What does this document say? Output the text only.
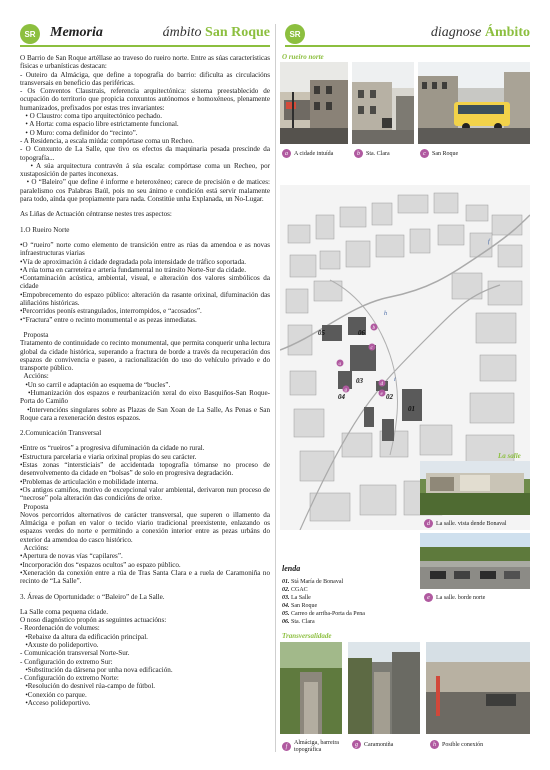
SR	Memoria	ámbito San Roque	SR	diagnose Ámbito

O Barrio de San Roque artéllase ao traveso do rueiro norte. Entre as súas características físicas e urbanísticas destacan:

- Outeiro da Almáciga, que define a topografía do barrio: dificulta as circulacións transversais en beneficio das periféricas.

- Os Conventos Claustrais, referencia arquitectónica: sistema preestablecido de ocupación do territorio que propicia conxuntos autónomos e homoxéneos, plenamente humanizados, prefixados por estas tres invariantes:

• O Claustro: coma tipo arquitectónico pechado.

• A Horta: coma espacio libre estrictamente funcional.

• O Muro: coma definidor do “recinto”.

- A Residencia, a escala miúda: compórtase coma un Recheo.

- O Conxunto de La Salle, que tivo os efectos da maquinaria pesada prescinde da topografía...

• A súa arquitectura contravén á súa escala: compórtase coma un Recheo, por xustaposición de partes inconexas.

• O “Baleiro” que define é informe e heteroxéneo; carece de precisión e de matices: paralelismo cos Palabras Baúl, pois no seu ánimo e condición está servir malamente para todo, aínda que propiamente para nada. Constitúe unha Explanada, un No-Lugar.

As Liñas de Actuación céntranse nestes tres aspectos:

1.O Rueiro Norte

•O “rueiro” norte como elemento de transición entre as rúas da amendoa e as novas infraestructuras viarias

•Vía de aproximación á cidade degradada pola intensidade de tráfico soportada.

•A rúa torna en carreteira e artería fundamental no tránsito Norte-Sur da cidade.

•Contaminación acústica, ambiental, visual, e alteración dos valores simbólicos da cidade

•Empobrecemento do espazo público: alteración da rasante orixinal, difuminación das aliñacións históricas.

•Percorridos peonís estrangulados, interrompidos, e “acosados”.

•“Fractura” entre o recinto monumental e as pezas inmediatas.

Proposta

Tratamento de continuidade co recinto monumental, que permita conquerir unha lectura global da cidade histórica, superando a fractura de borde a través da recuperación dos espazos de convivencia e paseo, a racionalización do uso do vehículo privado e do transporte público.

Accións:

•Un so carril e adaptación ao esquema de “bucles”.

•Humanización dos espazos e reurbanización xeral do eixo Basquiños-San Roque-Porta do Camiño

•Intervencións singulares sobre as Plazas de San Xoan de La Salle, As Penas e San Roque cara a rexeneración destos espazos.

2.Comunicación Transversal

•Entre os “rueiros” a progresiva difuminación da cidade no rural.

•Estructura parcelaria e viaria orixinal propias do seu carácter.

•Estas zonas “intersticiais” de accidentada topografía tórnanse no proceso de desenvolvemento da cidade en “bolsas” de solo en progresiva degradación.

•Problemas de articulación e mobilidade interna.

•Os antigos camiños, motivo de excepcional valor ambiental, derivaron nun proceso de “necrose” pola alteración das condicións de orixe.

Proposta

Novos percorridos alternativos de carácter transversal, que superen o illamento da Almáciga e poñan en valor o tecido viario tradicional preexistente, enlazando os espazos verdes do norte e permitindo a conexión interior entre as pezas urbáns do exterior da amendoa do casco histórico.

Accións:

•Apertura de novas vías “capilares”.

•Incorporación dos “espazos ocultos” ao espazo público.

•Xeneración da conexión entre a rúa de Tras Santa Clara e a ruela de Caramoniña no recinto de “La Salle”.

3. Áreas de Oportunidade: o “Baleiro” de La Salle.

La Salle coma pequena cidade.

O noso diagnóstico propón as seguintes actuacións:

- Reordenación de volumes:

•Rebaixe da altura da edificación principal.

•Axuste do polideportivo.

- Comunicación transversal Norte-Sur.

- Configuración do extremo Sur:

•Substitución da dársena por unha nova edificación.

- Configuración do extremo Norte:

•Resolución do desnivel rúa-campo de fútbol.

•Conexión co parque.

•Acceso polideportivo.

O rueiro norte
a	A cidade intuída	b	Sta. Clara	c	San Roque
05	06
03
04	02
01
b
c
a
g
d
e
f
h
i
La salle
d	La salle. vista dende Bonaval
e	La salle. borde norte
lenda
01. Stá María de Bonaval
02. CGAC
03. La Salle
04. San Roque
05. Carreo de arriba-Porta da Pena
06. Sta. Clara
Transversalidade
f
Almáciga, barreira topográfica
g	Caramoniña	h	Posible conexión
